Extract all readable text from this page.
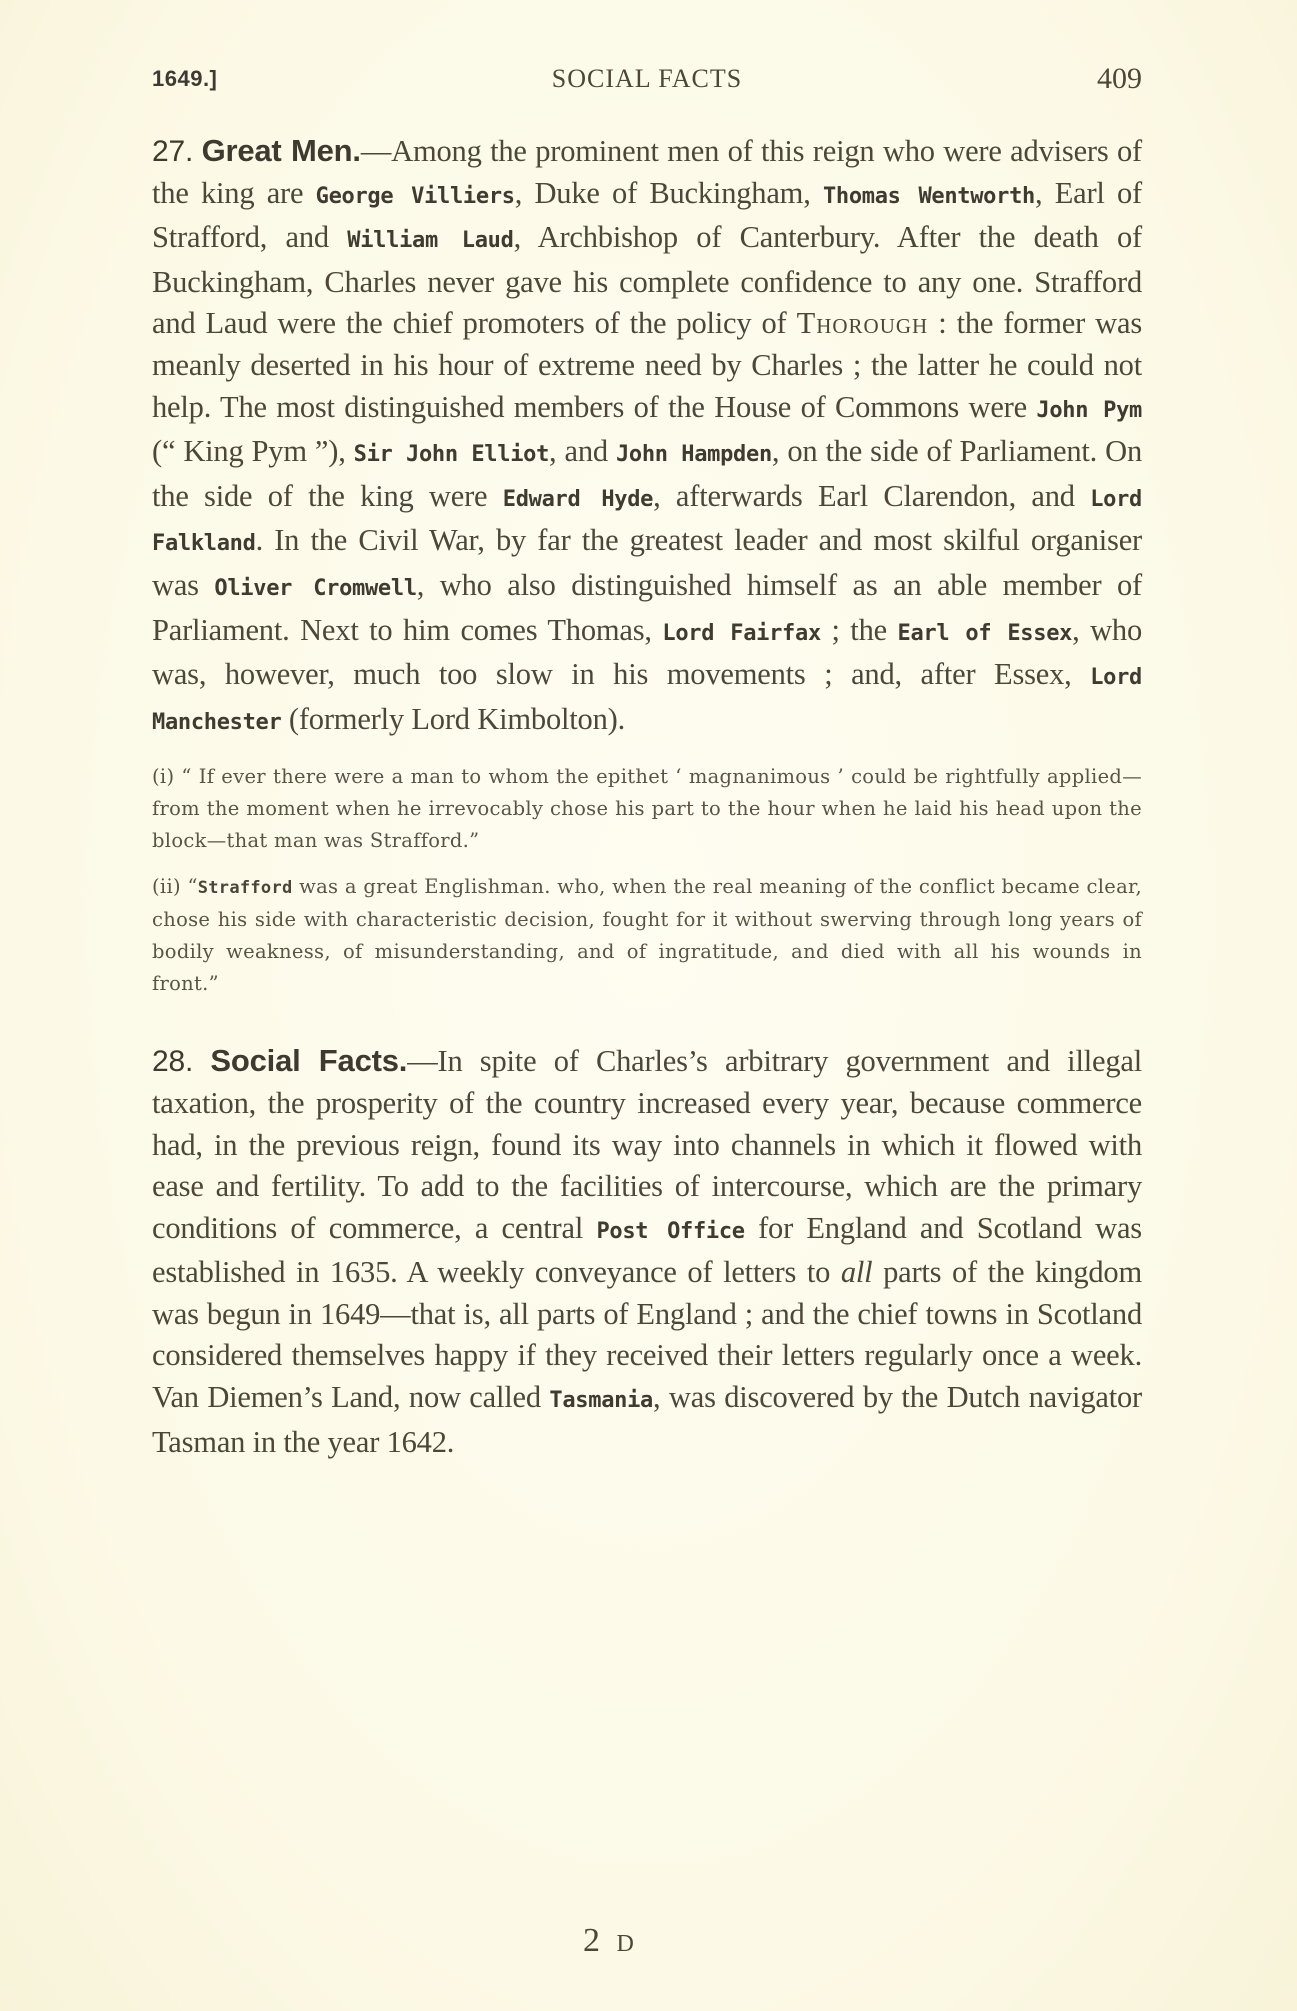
1649.]	SOCIAL FACTS	409

27. Great Men.—Among the prominent men of this reign who were advisers of the king are George Villiers, Duke of Buckingham, Thomas Wentworth, Earl of Strafford, and William Laud, Archbishop of Canterbury. After the death of Buckingham, Charles never gave his complete confidence to any one. Strafford and Laud were the chief promoters of the policy of Thorough : the former was meanly deserted in his hour of extreme need by Charles ; the latter he could not help. The most distinguished members of the House of Commons were John Pym (“ King Pym ”), Sir John Elliot, and John Hampden, on the side of Parliament. On the side of the king were Edward Hyde, afterwards Earl Clarendon, and Lord Falkland. In the Civil War, by far the greatest leader and most skilful organiser was Oliver Cromwell, who also distinguished himself as an able member of Parliament. Next to him comes Thomas, Lord Fairfax ; the Earl of Essex, who was, however, much too slow in his movements ; and, after Essex, Lord Manchester (formerly Lord Kimbolton).

(i) “ If ever there were a man to whom the epithet ‘ magnanimous ’ could be rightfully applied—from the moment when he irrevocably chose his part to the hour when he laid his head upon the block—that man was Strafford.”

(ii) “Strafford was a great Englishman. who, when the real meaning of the conflict became clear, chose his side with characteristic decision, fought for it without swerving through long years of bodily weakness, of misunderstanding, and of ingratitude, and died with all his wounds in front.”

28. Social Facts.—In spite of Charles’s arbitrary government and illegal taxation, the prosperity of the country increased every year, because commerce had, in the previous reign, found its way into channels in which it flowed with ease and fertility. To add to the facilities of intercourse, which are the primary conditions of commerce, a central Post Office for England and Scotland was established in 1635. A weekly conveyance of letters to all parts of the kingdom was begun in 1649—that is, all parts of England ; and the chief towns in Scotland considered themselves happy if they received their letters regularly once a week. Van Diemen’s Land, now called Tasmania, was discovered by the Dutch navigator Tasman in the year 1642.

2 D
